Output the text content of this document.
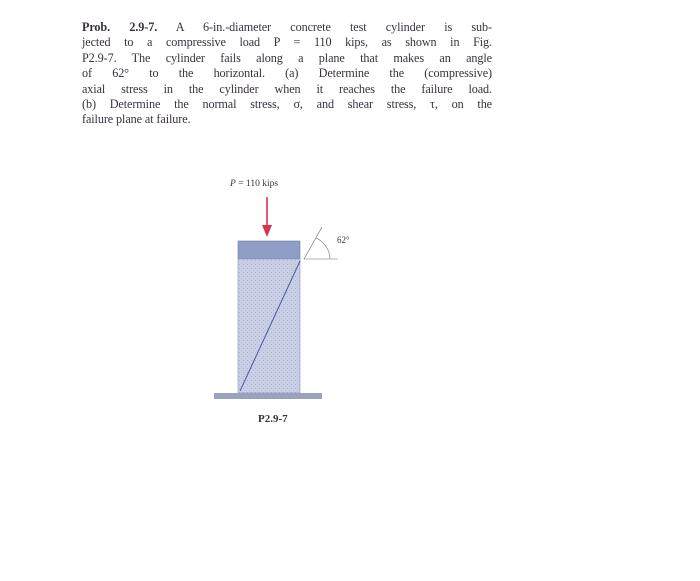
Prob. 2.9-7. A 6-in.-diameter concrete test cylinder is sub-
jected to a compressive load P = 110 kips, as shown in Fig.
P2.9-7. The cylinder fails along a plane that makes an angle
of 62° to the horizontal. (a) Determine the (compressive)
axial stress in the cylinder when it reaches the failure load.
(b) Determine the normal stress, σ, and shear stress, τ, on the
failure plane at failure.
P = 110 kips
62°
P2.9-7
